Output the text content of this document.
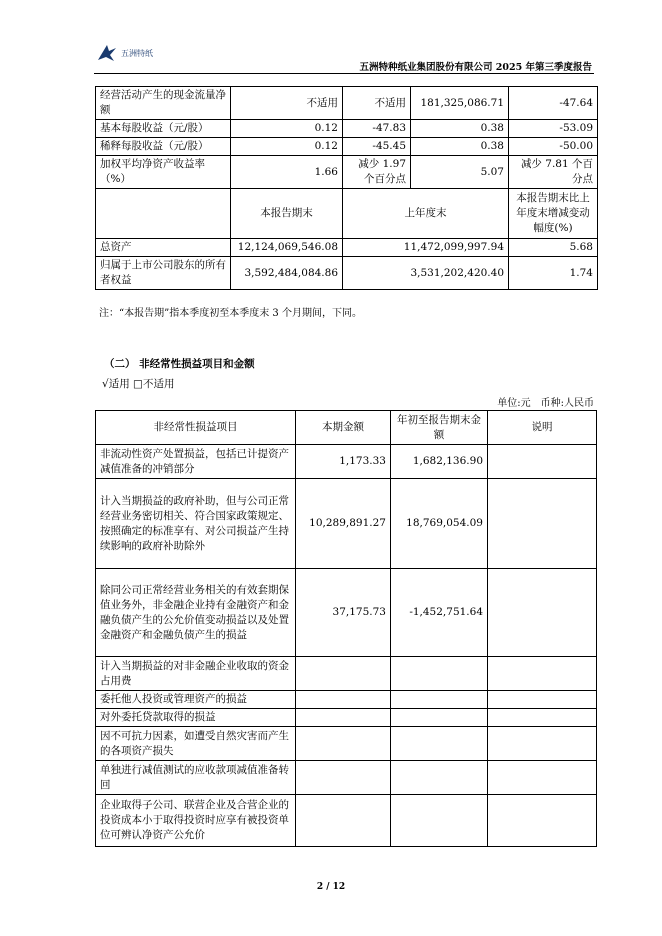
五洲特纸
五洲特种纸业集团股份有限公司 2025 年第三季度报告
经营活动产生的现金流量净额	不适用	不适用	181,325,086.71	-47.64
基本每股收益（元/股）	0.12	-47.83	0.38	-53.09
稀释每股收益（元/股）	0.12	-45.45	0.38	-50.00
加权平均净资产收益率（%）	1.66	减少 1.97 个百分点	5.07	减少 7.81 个百分点
	本报告期末	上年度末		本报告期末比上年度末增减变动幅度(%)
总资产	12,124,069,546.08	11,472,099,997.94		5.68
归属于上市公司股东的所有者权益	3,592,484,084.86	3,531,202,420.40		1.74
注：“本报告期”指本季度初至本季度末 3 个月期间，下同。
（二） 非经常性损益项目和金额
√适用 □不适用
单位:元　币种:人民币
非经常性损益项目	本期金额	年初至报告期末金额	说明
非流动性资产处置损益，包括已计提资产减值准备的冲销部分	1,173.33	1,682,136.90	
计入当期损益的政府补助，但与公司正常经营业务密切相关、符合国家政策规定、按照确定的标准享有、对公司损益产生持续影响的政府补助除外	10,289,891.27	18,769,054.09	
除同公司正常经营业务相关的有效套期保值业务外，非金融企业持有金融资产和金融负债产生的公允价值变动损益以及处置金融资产和金融负债产生的损益	37,175.73	-1,452,751.64	
计入当期损益的对非金融企业收取的资金占用费			
委托他人投资或管理资产的损益			
对外委托贷款取得的损益			
因不可抗力因素，如遭受自然灾害而产生的各项资产损失			
单独进行减值测试的应收款项减值准备转回			
企业取得子公司、联营企业及合营企业的投资成本小于取得投资时应享有被投资单位可辨认净资产公允价			
2 / 12
